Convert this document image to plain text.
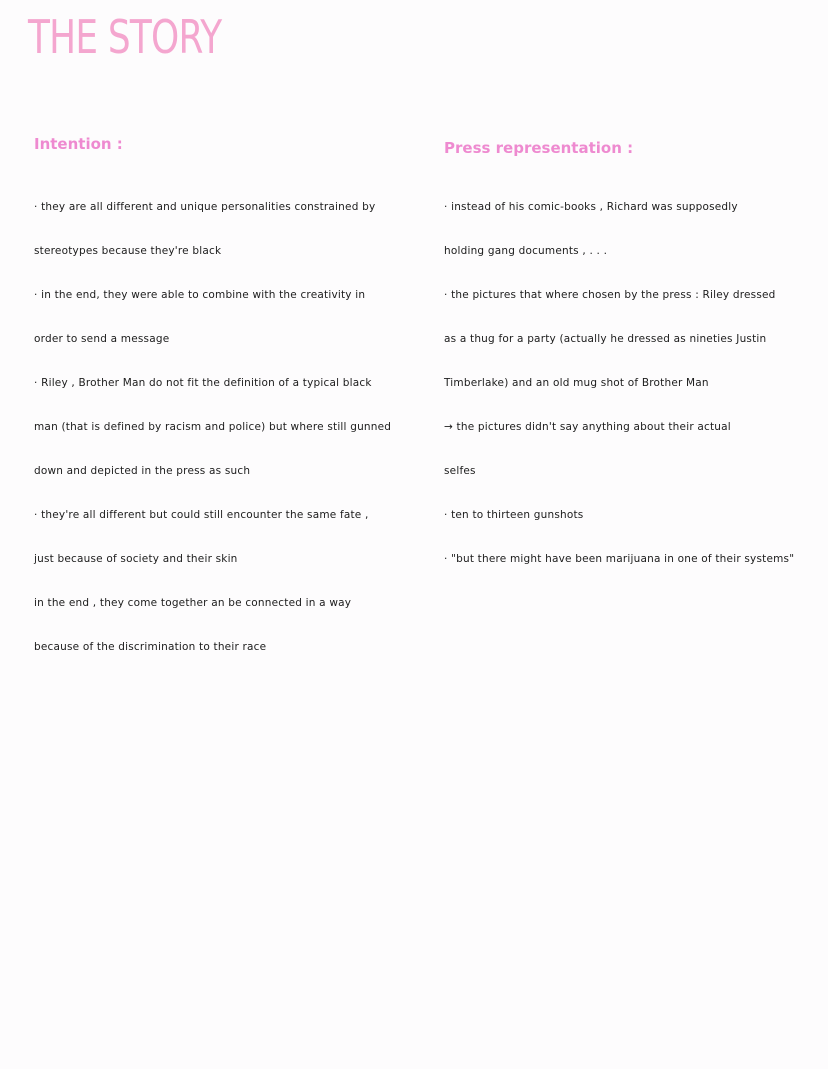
THE STORY
Intention :
· they are all different and unique personalities constrained by
stereotypes because they're black
· in the end, they were able to combine with the creativity in
order to send a message
· Riley , Brother Man do not fit the definition of a typical black
man (that is defined by racism and police) but where still gunned
down and depicted in the press as such
· they're all different but could still encounter the same fate ,
just because of society and their skin
in the end , they come together an be connected in a way
because of the discrimination to their race
Press representation :
· instead of his comic-books , Richard was supposedly
holding gang documents , . . .
· the pictures that where chosen by the press : Riley dressed
as a thug for a party (actually he dressed as nineties Justin
Timberlake) and an old mug shot of Brother Man
→ the pictures didn't say anything about their actual
selfes
· ten to thirteen gunshots
· "but there might have been marijuana in one of their systems"
